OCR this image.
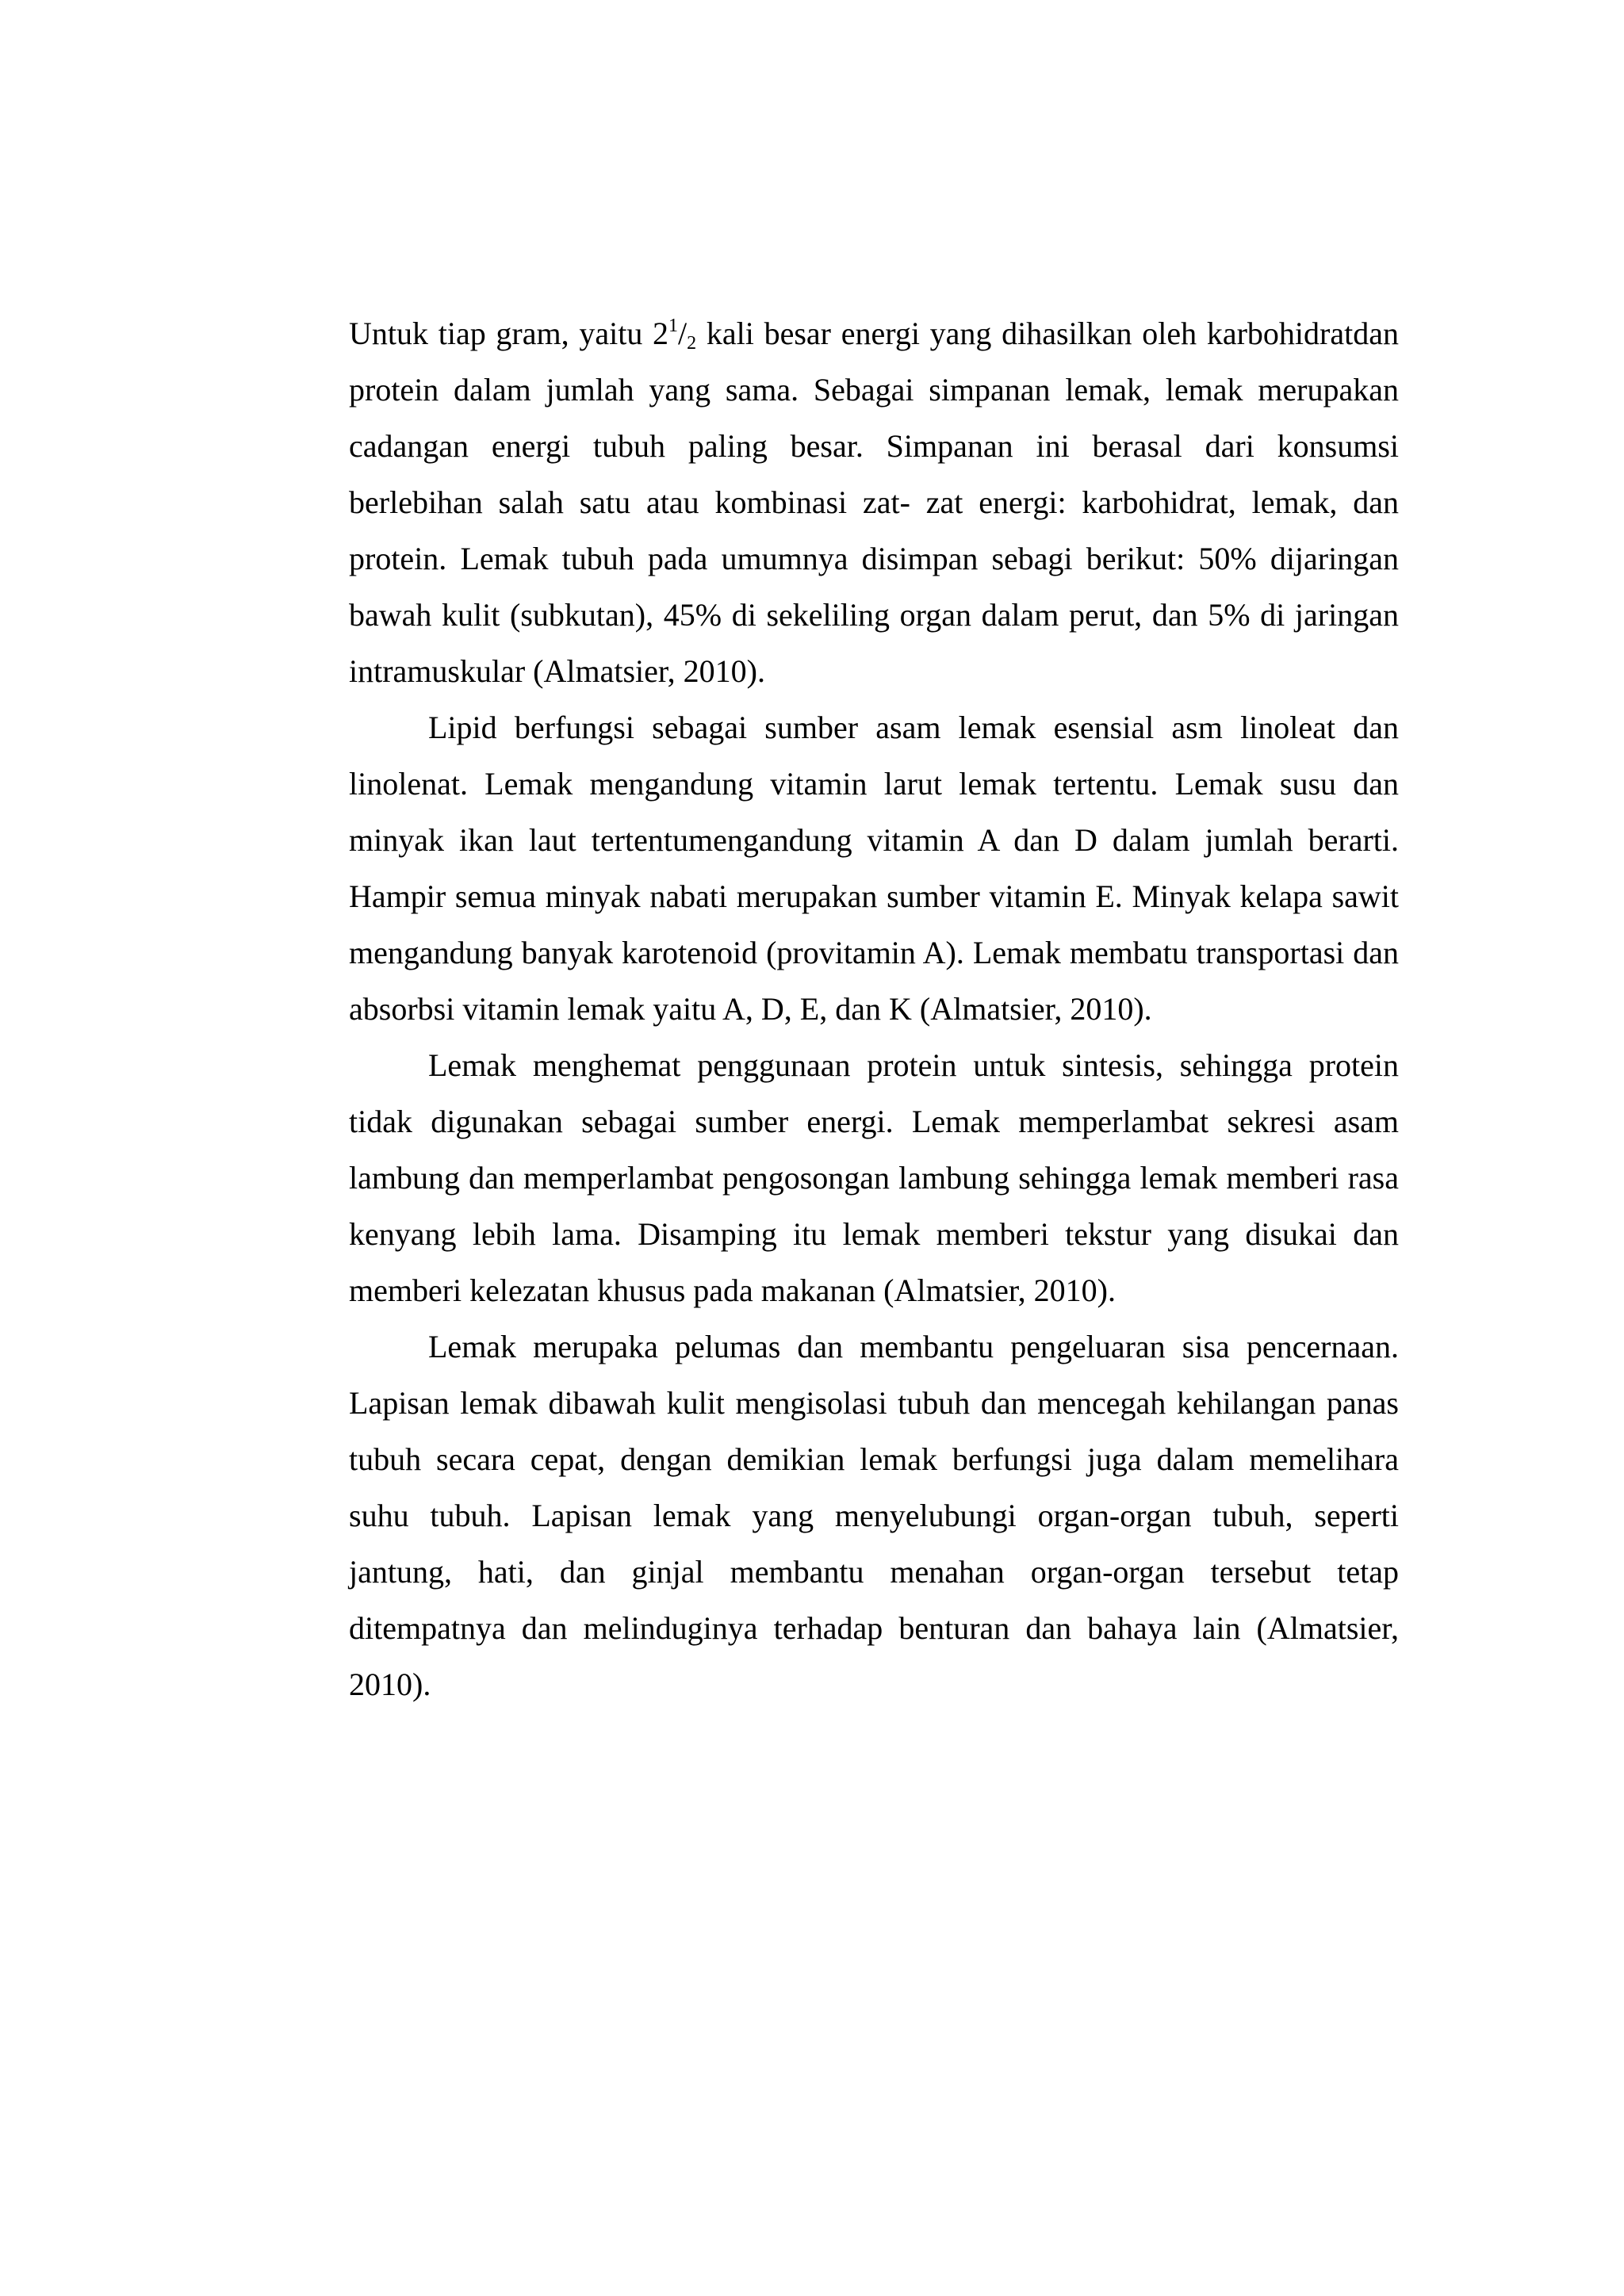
Untuk tiap gram, yaitu $2^1/2$ kali besar energi yang dihasilkan oleh karbohidratdan protein dalam jumlah yang sama. Sebagai simpanan lemak, lemak merupakan cadangan energi tubuh paling besar. Simpanan ini berasal dari konsumsi berlebihan salah satu atau kombinasi zat- zat energi: karbohidrat, lemak, dan protein. Lemak tubuh pada umumnya disimpan sebagi berikut: 50% dijaringan bawah kulit (subkutan), 45% di sekeliling organ dalam perut, dan 5% di jaringan intramuskular (Almatsier, 2010).

Lipid berfungsi sebagai sumber asam lemak esensial asm linoleat dan linolenat. Lemak mengandung vitamin larut lemak tertentu. Lemak susu dan minyak ikan laut tertentumengandung vitamin A dan D dalam jumlah berarti. Hampir semua minyak nabati merupakan sumber vitamin E. Minyak kelapa sawit mengandung banyak karotenoid (provitamin A). Lemak membatu transportasi dan absorbsi vitamin lemak yaitu A, D, E, dan K (Almatsier, 2010).

Lemak menghemat penggunaan protein untuk sintesis, sehingga protein tidak digunakan sebagai sumber energi. Lemak memperlambat sekresi asam lambung dan memperlambat pengosongan lambung sehingga lemak memberi rasa kenyang lebih lama. Disamping itu lemak memberi tekstur yang disukai dan memberi kelezatan khusus pada makanan (Almatsier, 2010).

Lemak merupaka pelumas dan membantu pengeluaran sisa pencernaan. Lapisan lemak dibawah kulit mengisolasi tubuh dan mencegah kehilangan panas tubuh secara cepat, dengan demikian lemak berfungsi juga dalam memelihara suhu tubuh. Lapisan lemak yang menyelubungi organ-organ tubuh, seperti jantung, hati, dan ginjal membantu menahan organ-organ tersebut tetap ditempatnya dan melinduginya terhadap benturan dan bahaya lain (Almatsier, 2010).
